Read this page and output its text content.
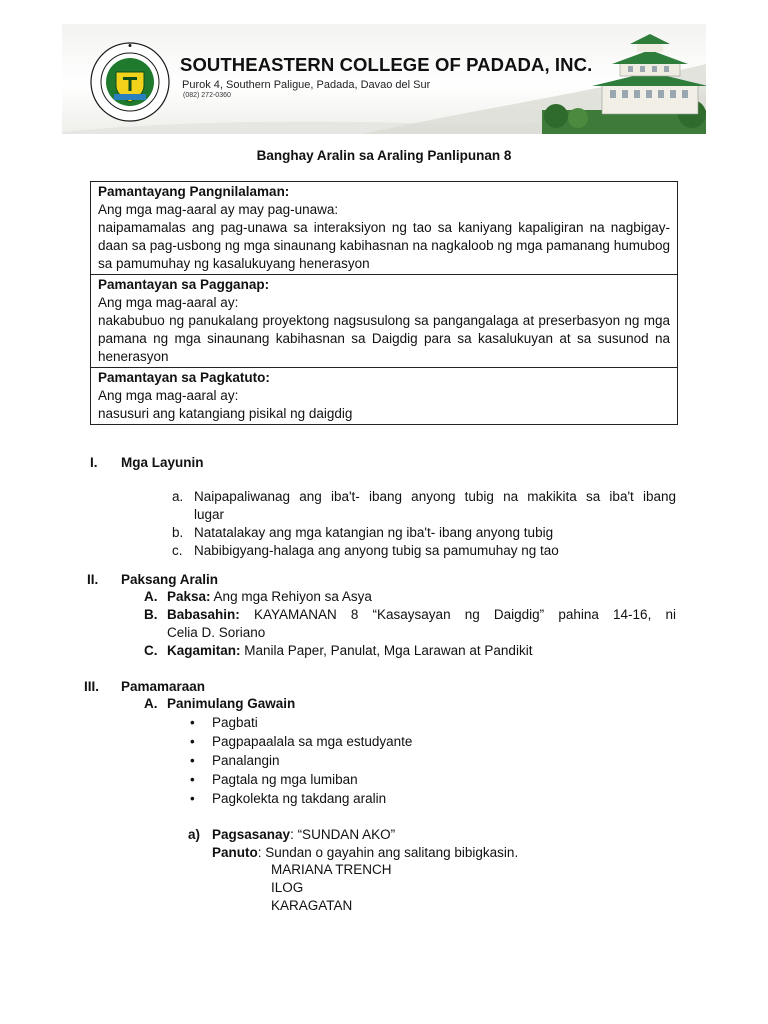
SOUTHEASTERN COLLEGE OF PADADA, INC.
Purok 4, Southern Paligue, Padada, Davao del Sur
(082) 272-0360
Banghay Aralin sa Araling Panlipunan 8
Pamantayang Pangnilalaman:
Ang mga mag-aaral ay may pag-unawa:
naipamamalas ang pag-unawa sa interaksiyon ng tao sa kaniyang kapaligiran na nagbigay-daan sa pag-usbong ng mga sinaunang kabihasnan na nagkaloob ng mga pamanang humubog sa pamumuhay ng kasalukuyang henerasyon
Pamantayan sa Pagganap:
Ang mga mag-aaral ay:
nakabubuo ng panukalang proyektong nagsusulong sa pangangalaga at preserbasyon ng mga pamana ng mga sinaunang kabihasnan sa Daigdig para sa kasalukuyan at sa susunod na henerasyon
Pamantayan sa Pagkatuto:
Ang mga mag-aaral ay:
nasusuri ang katangiang pisikal ng daigdig
I. Mga Layunin
a. Naipapaliwanag ang iba't- ibang anyong tubig na makikita sa iba't ibang
lugar
b. Natatalakay ang mga katangian ng iba't- ibang anyong tubig
c. Nabibigyang-halaga ang anyong tubig sa pamumuhay ng tao
II. Paksang Aralin
A. Paksa: Ang mga Rehiyon sa Asya
B. Babasahin: KAYAMANAN 8 “Kasaysayan ng Daigdig” pahina 14-16, ni
Celia D. Soriano
C. Kagamitan: Manila Paper, Panulat, Mga Larawan at Pandikit
III. Pamamaraan
A. Panimulang Gawain
• Pagbati
• Pagpapaalala sa mga estudyante
• Panalangin
• Pagtala ng mga lumiban
• Pagkolekta ng takdang aralin
a) Pagsasanay: “SUNDAN AKO”
Panuto: Sundan o gayahin ang salitang bibigkasin.
MARIANA TRENCH
ILOG
KARAGATAN
